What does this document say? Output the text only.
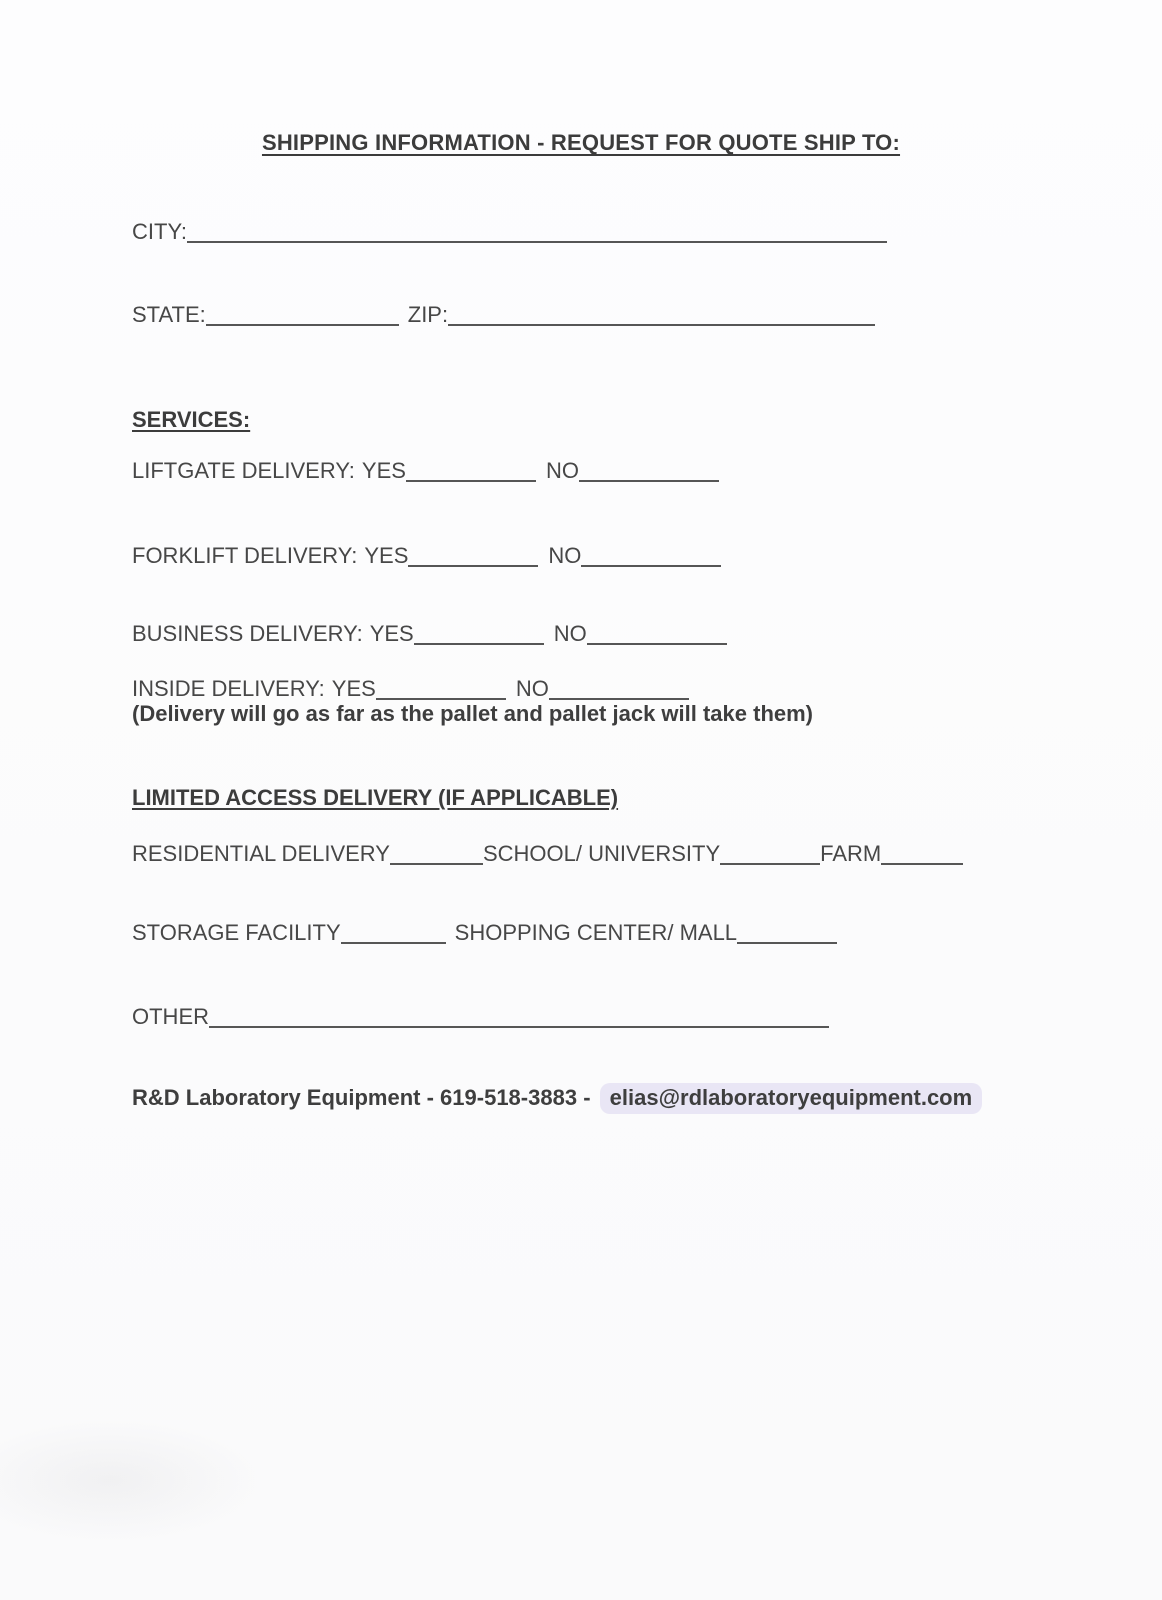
SHIPPING INFORMATION - REQUEST FOR QUOTE SHIP TO:
CITY:
STATE:	ZIP:
SERVICES:
LIFTGATE DELIVERY: YES	NO
FORKLIFT DELIVERY: YES	NO
BUSINESS DELIVERY: YES	NO
INSIDE DELIVERY: YES	NO
(Delivery will go as far as the pallet and pallet jack will take them)
LIMITED ACCESS DELIVERY (IF APPLICABLE)
RESIDENTIAL DELIVERY	SCHOOL/ UNIVERSITY	FARM
STORAGE FACILITY	SHOPPING CENTER/ MALL
OTHER
R&D Laboratory Equipment - 619-518-3883 - elias@rdlaboratoryequipment.com
